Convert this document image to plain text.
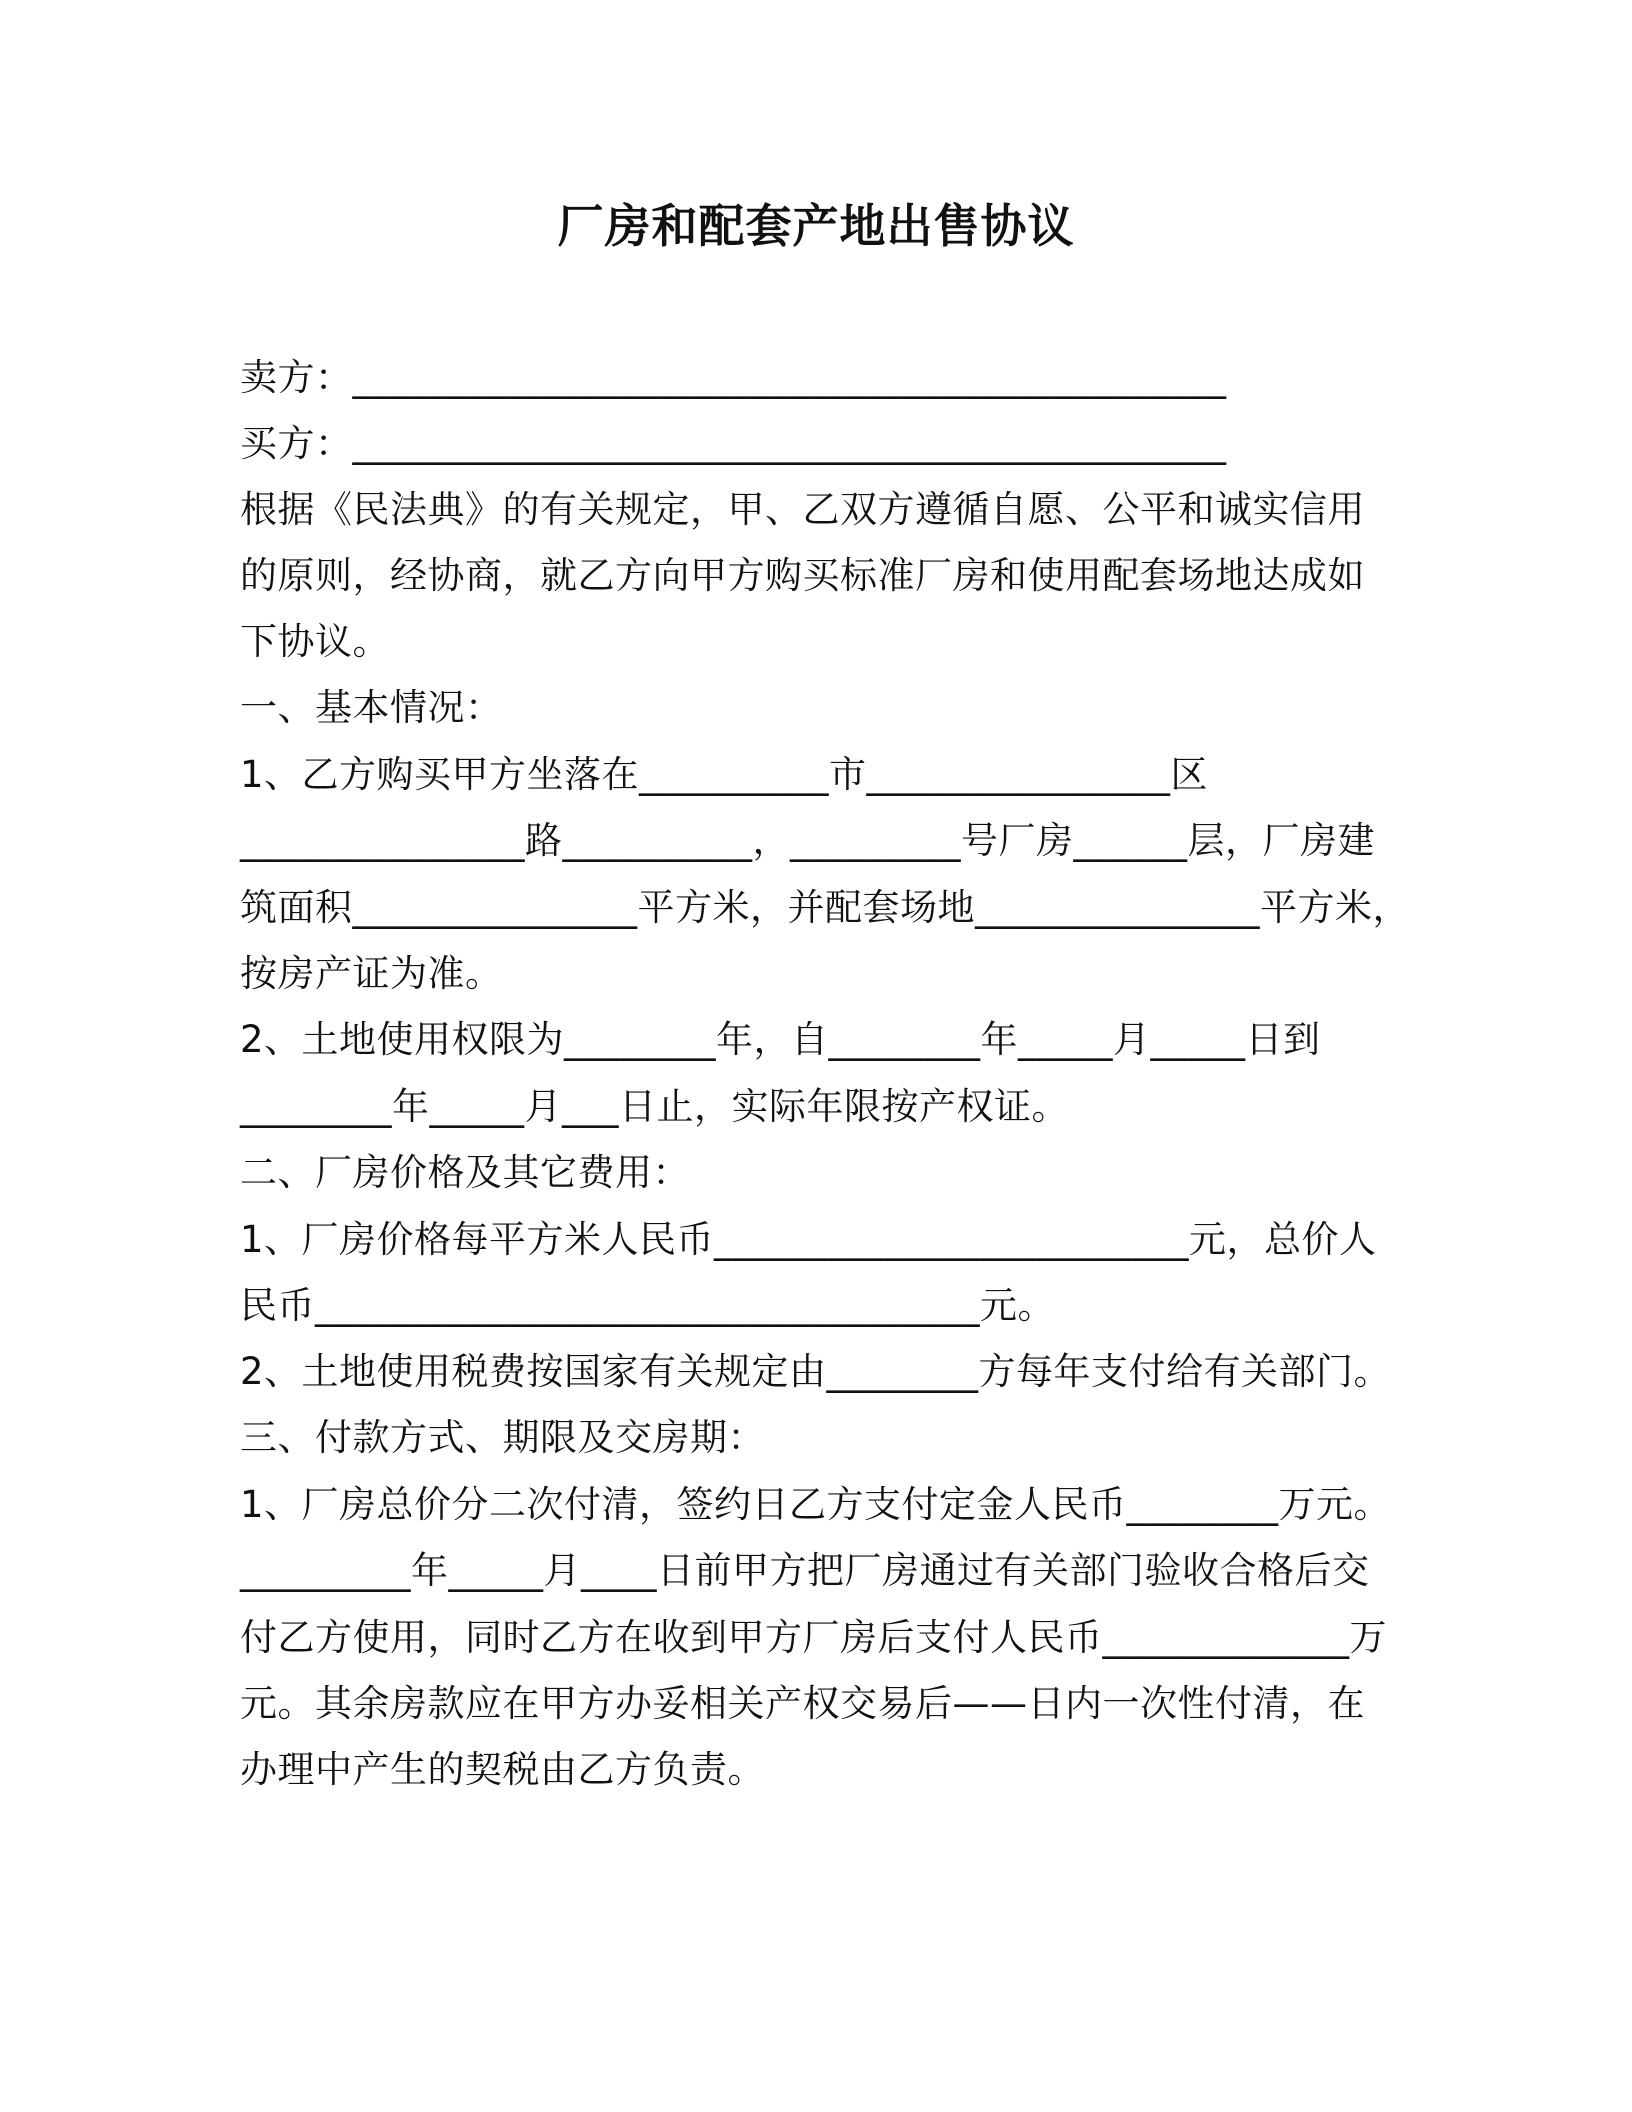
厂房和配套产地出售协议
卖方：______________________________________________
买方：______________________________________________
根据《民法典》的有关规定，甲、乙双方遵循自愿、公平和诚实信用
的原则，经协商，就乙方向甲方购买标准厂房和使用配套场地达成如
下协议。
一、基本情况：
1、乙方购买甲方坐落在__________市________________区
_______________路__________，_________号厂房______层，厂房建
筑面积_______________平方米，并配套场地_______________平方米，
按房产证为准。
2、土地使用权限为________年，自________年_____月_____日到
________年_____月___日止，实际年限按产权证。
二、厂房价格及其它费用：
1、厂房价格每平方米人民币_________________________元，总价人
民币___________________________________元。
2、土地使用税费按国家有关规定由________方每年支付给有关部门。
三、付款方式、期限及交房期：
1、厂房总价分二次付清，签约日乙方支付定金人民币________万元。
_________年_____月____日前甲方把厂房通过有关部门验收合格后交
付乙方使用，同时乙方在收到甲方厂房后支付人民币_____________万
元。其余房款应在甲方办妥相关产权交易后——日内一次性付清，在
办理中产生的契税由乙方负责。
